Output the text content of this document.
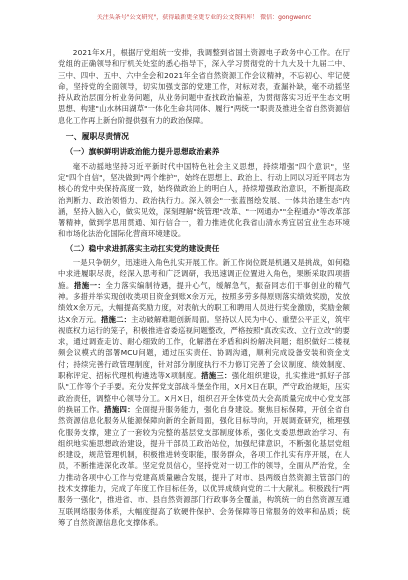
关注头条号"公文研究"，获得最新更全更专业的公文资料库！ 微信：gongwenrc

2021年X月，根据厅党组统一安排，我调整到省国土资源电子政务中心工作。在厅党组的正确领导和厅机关处室的悉心指导下，深入学习贯彻党的十九大及十九届二中、三中、四中、五中、六中全会和2021年全省自然资源工作会议精神，不忘初心、牢记使命，坚持党的全面领导，切实加强支部的党建工作，对标对表，查漏补缺，毫不动摇坚持从政治层面分析业务问题，从业务问题中查找政治偏差，为贯彻落实习近平生态文明思想、构建"山水林田湖草"一体化生命共同体、履行"两统一"职责及推进全省自然资源信息化工作再上新台阶提供强有力的政治保障。

一、履职尽责情况

（一）旗帜鲜明讲政治能力提升思想政治素养

毫不动摇地坚持习近平新时代中国特色社会主义思想，持续增强"四个意识"，坚定"四个自信"，坚决做到"两个维护"，始终在思想上、政治上、行动上同以习近平同志为核心的党中央保持高度一致，始终做政治上的明白人，持续增强政治意识，不断提高政治判断力、政治领悟力、政治执行力。深入领会"一张蓝图绘发展、一体共治建生态"内涵，坚持入脑入心，做实见效，深刻理解"统管理"改革、"一网通办""全程通办"等改革部署精神，做到学思用贯通、知行信合一，着力推进优化我省山清水秀宜居宜业生态环境和市场化法治化国际化营商环境建设。

（二）稳中求进抓落实主动扛实党的建设责任

一是只争朝夕，迅速进入角色扎实开展工作。新工作岗位既是机遇又是挑战，如何稳中求进履职尽责，经深入思考和广泛调研，我迅速调正位置进入角色，果断采取四项措施。措施一：全力落实编制待遇，提升心气，缓解急气，振奋同志们干事创业的精气神。多措并举实现创收类项目资金到账X余万元，按照多劳多得原则落实绩效奖励，发放绩效X余万元，大幅提高奖励力度，对表航大的职工和聘用人员进行奖金激励，奖励金额达X余万元。措施二：主动破解难题创新局面。坚持以人民为中心、重塑公平正义，筑牢视底权力运行的笼子，积极推进省委巡视问题整改，严格按照"真改实改、立行立改"的要求，通过调查走访、耐心细致的工作，化解潜在矛盾和纠纷解决问题；组织做好二楼视频会议模式的部署MCU问题，通过压实责任、协调沟通，顺利完成设备安装和资金支付；持续完善行政管理制度，针对部分制度执行不力修订完善了会议制度、绩效制度、职称评定、招标代理机构遴选等X项制度。措施三：强化组织建设，扎实推进"抓好子部队"工作等个子手要。充分发挥党支部战斗堡垒作用，X月X日在职，严守政治规矩，压实政治责任，调整中心领导分工。X月X日，组织召开全体党员大会高质量完成中心党支部的换届工作。措施四：全面提升服务能力，强化自身建设。聚焦目标保障，开创全省自然资源信息化服务从能源保障向新的全新局面，强化目标导向，开展调查研究，梳理强化服务支撑，建立了一套较为完整的基层党支部制度体系，强化支委思想政治学习、有组织地实施思想政治建设，提升干部员工政治站位，加强纪律意识，不断强化基层党组织建设，规范管理机制，积极推进转变职能，服务群众，各项工作扎实有序开展，在人员，不断推进深化改革。坚定党员信心，坚持党对一切工作的领导，全面从严治党，全力推动各项中心工作与党建高质量融合发展，提升了对市、县两级自然资源主管部门的技术支撑能力，完成了年度工作目标任务，以优异成绩向党的二十大献礼。积极践行"两服务一强化"，推进省、市、县自然资源部门行政事务全覆盖，构筑统一的自然资源互通互联网络服务体系，大幅度提高了软硬件保护、会务保障等日常服务的效率和品质；统筹了自然资源信息化支撑体系。
